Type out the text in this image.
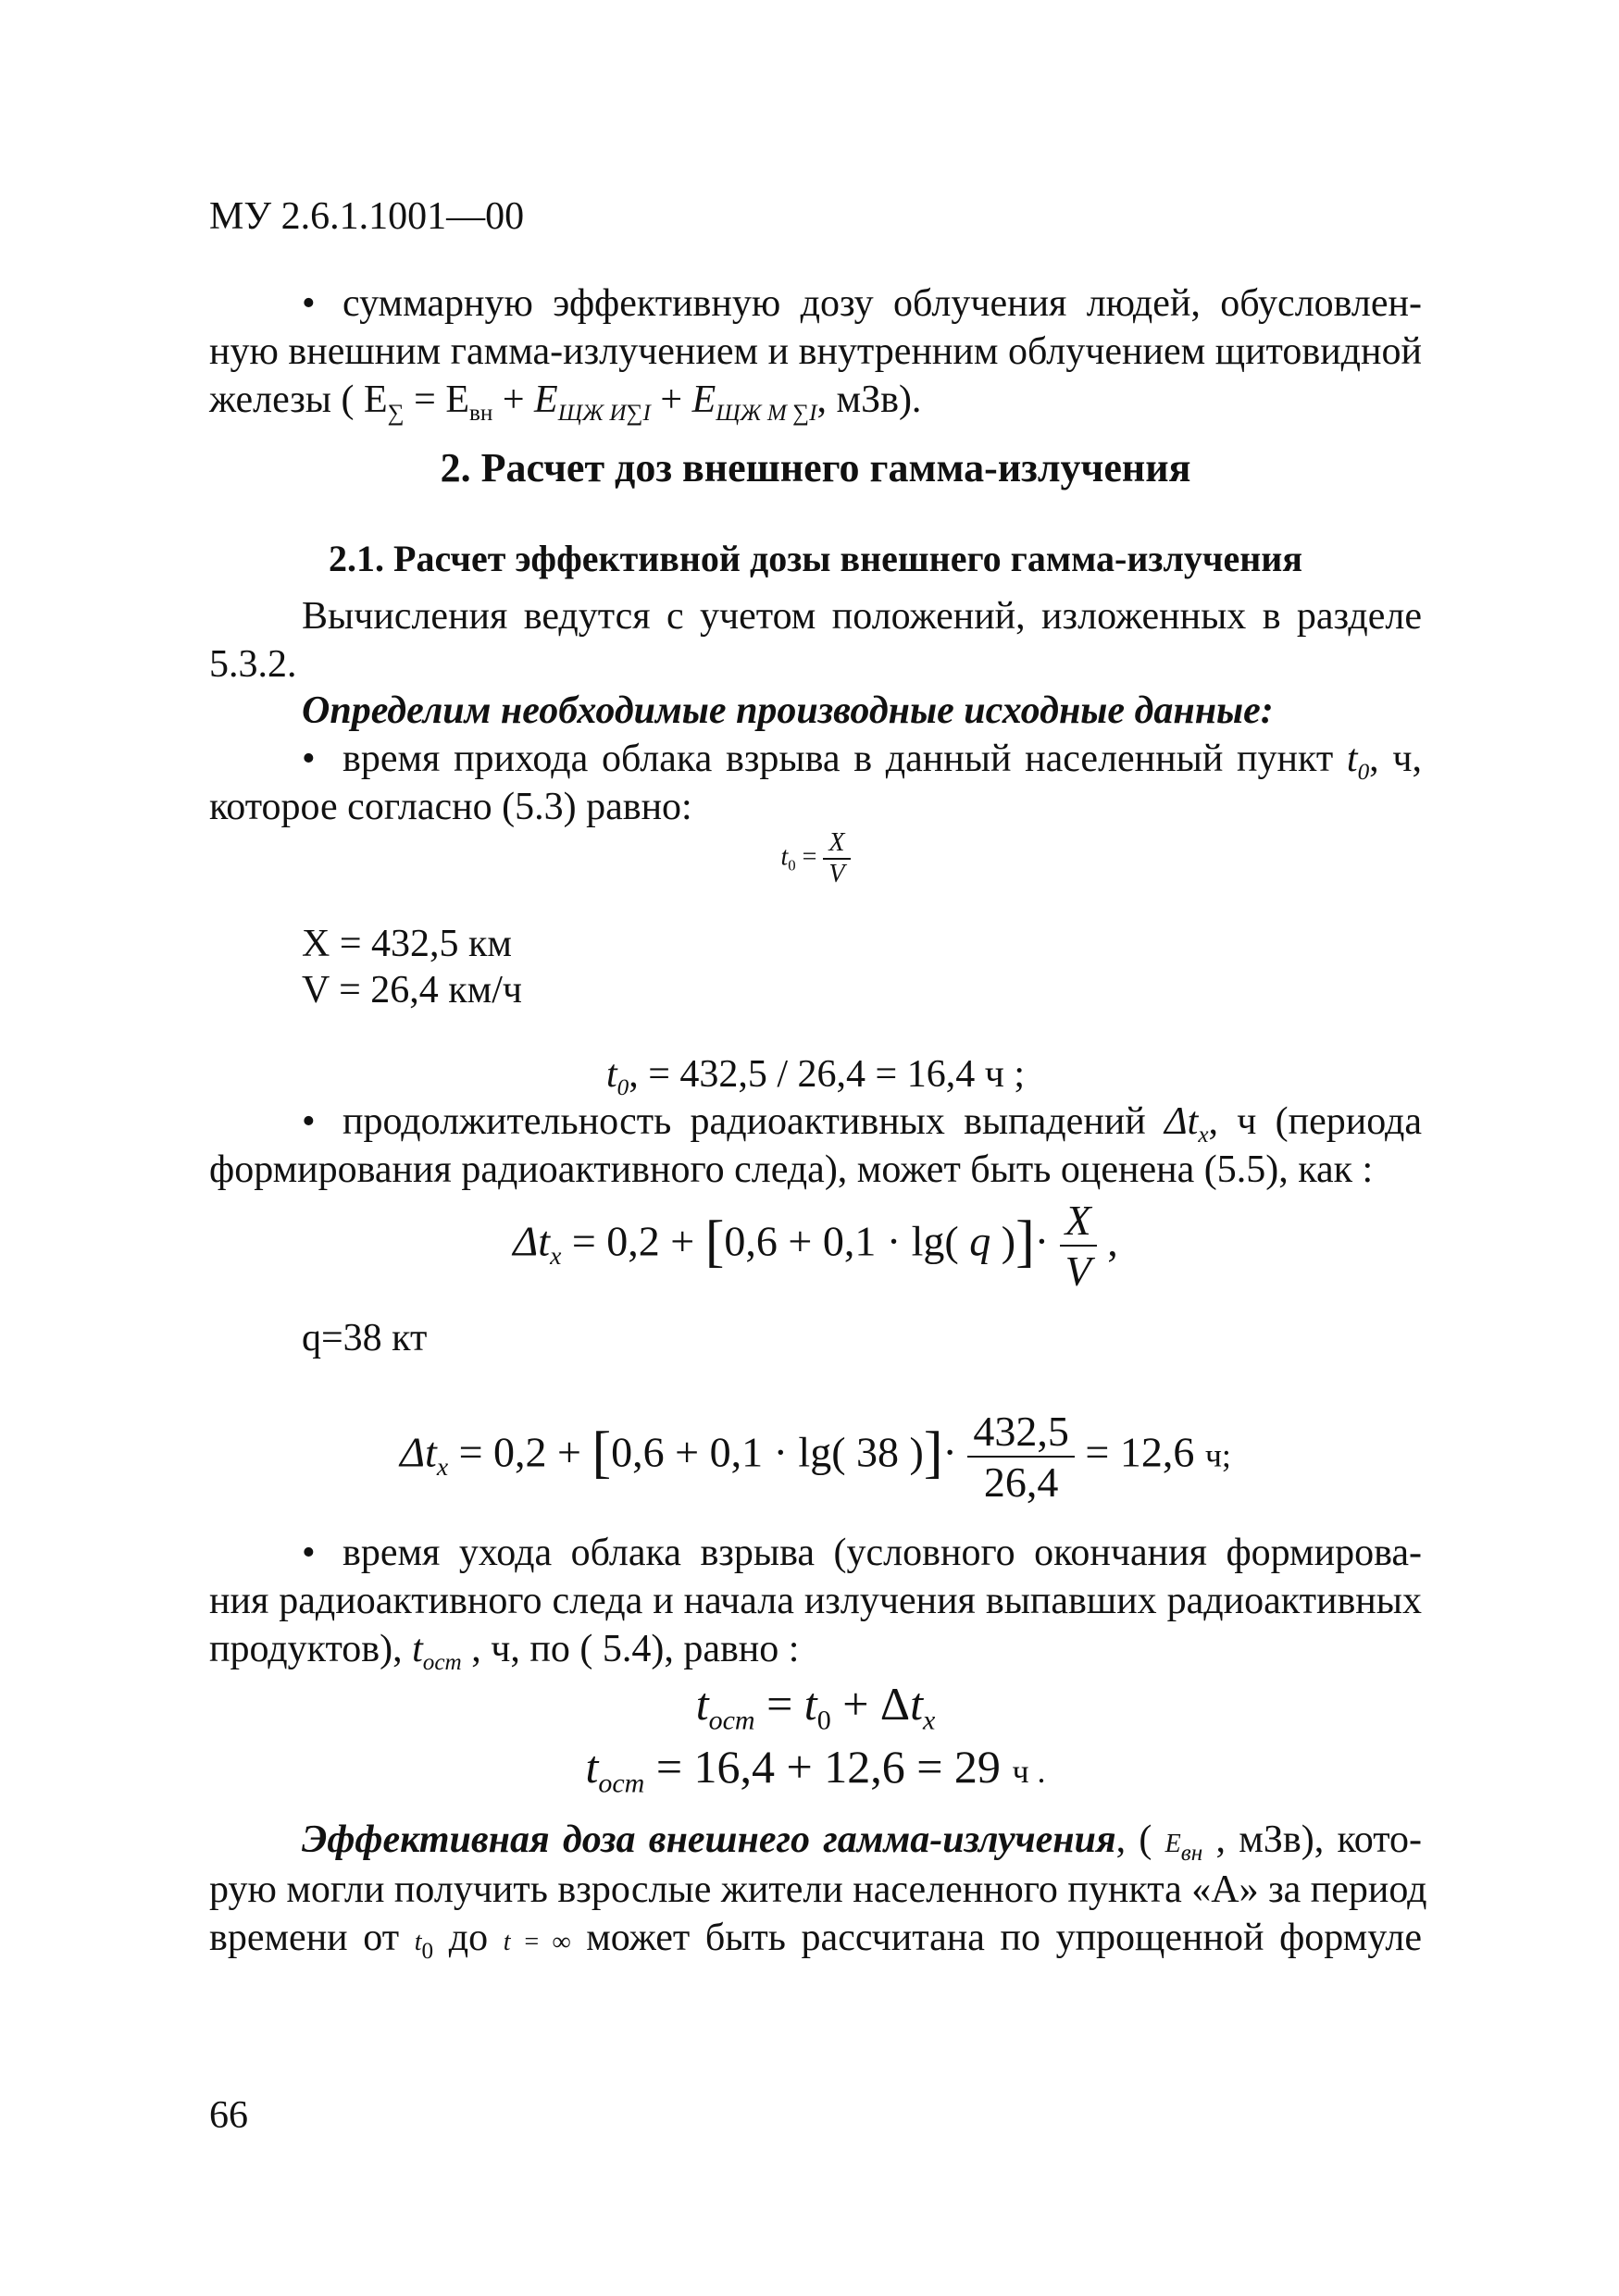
МУ 2.6.1.1001—00
• суммарную эффективную дозу облучения людей, обусловлен-
ную внешним гамма-излучением и внутренним облучением щитовидной
железы ( $E_\sum = E_{вн} + E_{ЩЖ И\sum I} + E_{ЩЖ М \sum I}$, мЗв).
2. Расчет доз внешнего гамма-излучения
2.1. Расчет эффективной дозы внешнего гамма-излучения
Вычисления ведутся с учетом положений, изложенных в разделе
5.3.2.
Определим необходимые производные исходные данные:
• время прихода облака взрыва в данный населенный пункт $t_0$, ч,
которое согласно (5.3) равно:
$t_0 = \frac{X}{V}$
X = 432,5 км
V = 26,4 км/ч
$t_0$, = 432,5 / 26,4 = 16,4 ч ;
• продолжительность радиоактивных выпадений $\Delta t_x$, ч (периода
формирования радиоактивного следа), может быть оценена (5.5), как :
$\Delta t_x = 0,2 + [0,6 + 0,1 \cdot \lg$( q )]· $\frac{X}{V}$ ,
q=38 кт
$\Delta t_x = 0,2 + [0,6 + 0,1 \cdot \lg$( 38 )]· $\frac{432,5}{26,4} = 12,6$ ч;
• время ухода облака взрыва (условного окончания формирова-
ния радиоактивного следа и начала излучения выпавших радиоактивных
продуктов), $t_{ост}$ , ч, по ( 5.4), равно :
$t_{ост} = t_0 + \Delta t_x$
$t_{ост} = 16,4 + 12,6 = 29$ ч .
Эффективная доза внешнего гамма-излучения, ( $E_{вн}$ , мЗв), кото-
рую могли получить взрослые жители населенного пункта «А» за период
времени от $t_0$ до t = ∞ может быть рассчитана по упрощенной формуле
66
